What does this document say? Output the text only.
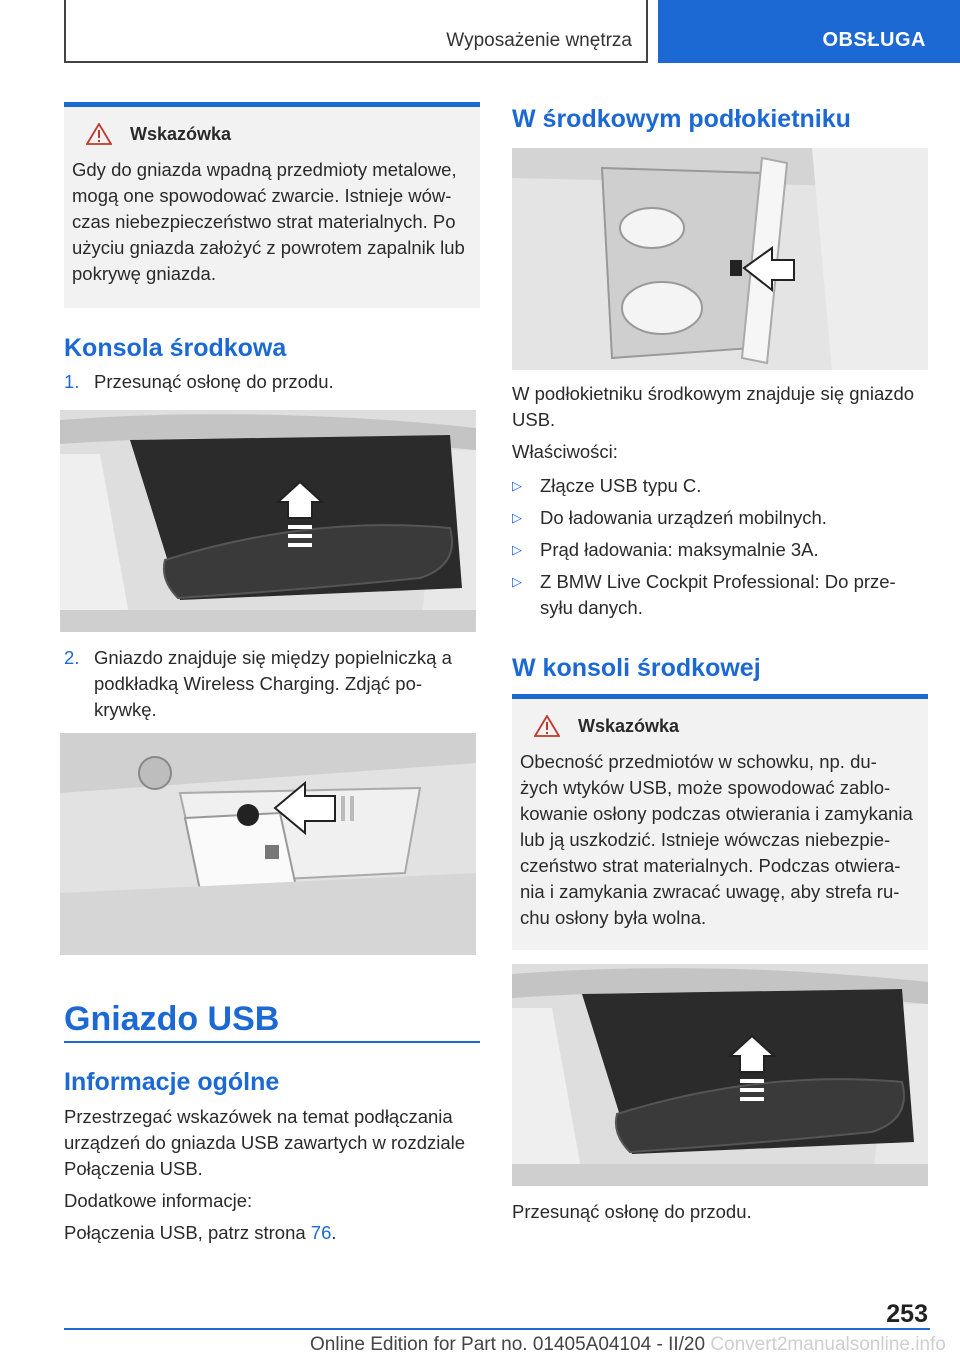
Wyposażenie wnętrza	OBSŁUGA
Wskazówka
Gdy do gniazda wpadną przedmioty metalowe,
mogą one spowodować zwarcie. Istnieje wów-
czas niebezpieczeństwo strat materialnych. Po
użyciu gniazda założyć z powrotem zapalnik lub
pokrywę gniazda.
Konsola środkowa
1. Przesunąć osłonę do przodu.
2. Gniazdo znajduje się między popielniczką a
podkładką Wireless Charging. Zdjąć po-
krywkę.
Gniazdo USB
Informacje ogólne
Przestrzegać wskazówek na temat podłączania
urządzeń do gniazda USB zawartych w rozdziale
Połączenia USB.
Dodatkowe informacje:
Połączenia USB, patrz strona 76.
W środkowym podłokietniku
W podłokietniku środkowym znajduje się gniazdo
USB.
Właściwości:
▷ Złącze USB typu C.
▷ Do ładowania urządzeń mobilnych.
▷ Prąd ładowania: maksymalnie 3A.
▷ Z BMW Live Cockpit Professional: Do prze-
syłu danych.
W konsoli środkowej
Wskazówka
Obecność przedmiotów w schowku, np. du-
żych wtyków USB, może spowodować zablo-
kowanie osłony podczas otwierania i zamykania
lub ją uszkodzić. Istnieje wówczas niebezpie-
czeństwo strat materialnych. Podczas otwiera-
nia i zamykania zwracać uwagę, aby strefa ru-
chu osłony była wolna.
Przesunąć osłonę do przodu.
253
Online Edition for Part no. 01405A04104 - II/20 Convert2manualsonline.info
